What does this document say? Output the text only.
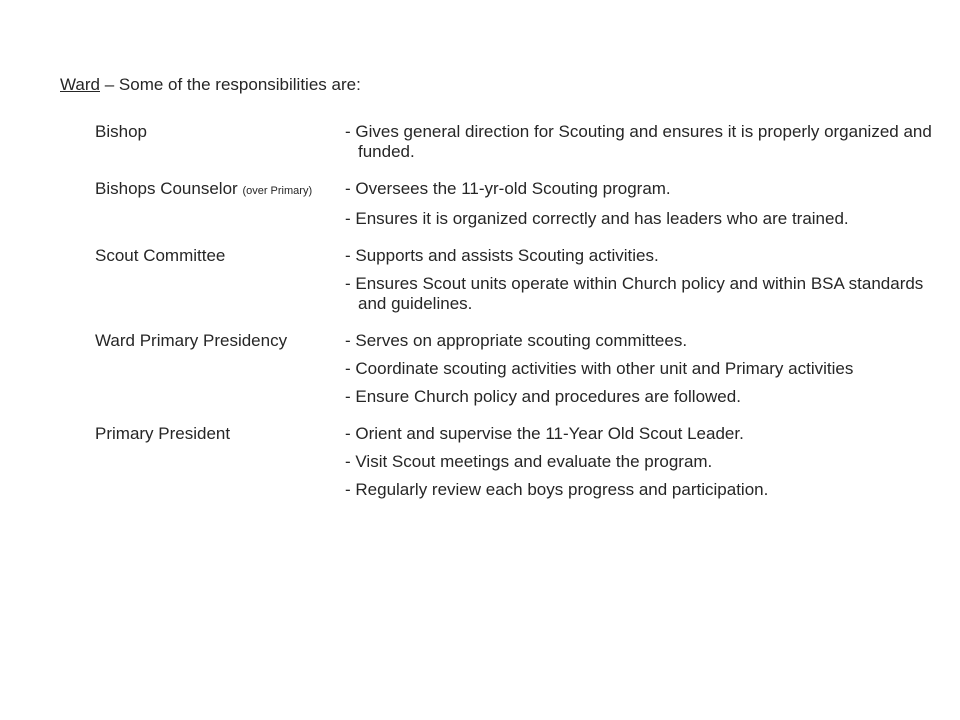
Ward – Some of the responsibilities are:
Bishop	- Gives general direction for Scouting and ensures it is properly organized and funded.
Bishops Counselor (over Primary)	- Oversees the 11-yr-old Scouting program.
- Ensures it is organized correctly and has leaders who are trained.
Scout Committee	- Supports and assists Scouting activities.
- Ensures Scout units operate within Church policy and within BSA standards and guidelines.
Ward Primary Presidency	- Serves on appropriate scouting committees.
- Coordinate scouting activities with other unit and Primary activities
- Ensure Church policy and procedures are followed.
Primary President	- Orient and supervise the 11-Year Old Scout Leader.
- Visit Scout meetings and evaluate the program.
- Regularly review each boys progress and participation.
